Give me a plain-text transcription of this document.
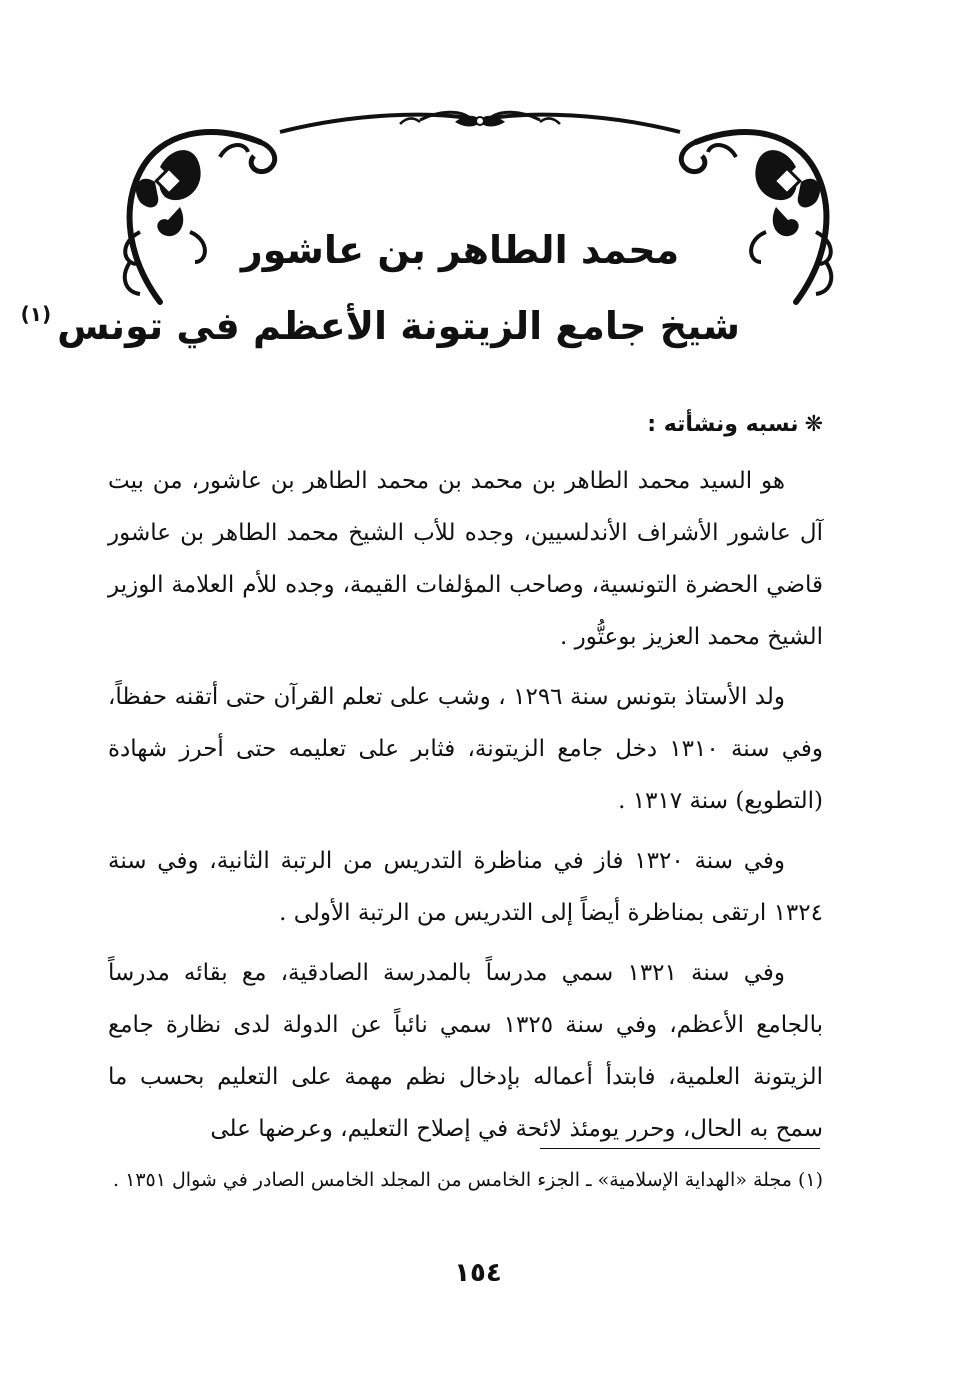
محمد الطاهر بن عاشور
شيخ جامع الزيتونة الأعظم في تونس$^{(١)}$
❋نسبه ونشأته :

هو السيد محمد الطاهر بن محمد بن محمد الطاهر بن عاشور، من بيت آل عاشور الأشراف الأندلسيين، وجده للأب الشيخ محمد الطاهر بن عاشور قاضي الحضرة التونسية، وصاحب المؤلفات القيمة، وجده للأم العلامة الوزير الشيخ محمد العزيز بوعتُّور .

ولد الأستاذ بتونس سنة ١٢٩٦ ، وشب على تعلم القرآن حتى أتقنه حفظاً، وفي سنة ١٣١٠ دخل جامع الزيتونة، فثابر على تعليمه حتى أحرز شهادة (التطويع) سنة ١٣١٧ .

وفي سنة ١٣٢٠ فاز في مناظرة التدريس من الرتبة الثانية، وفي سنة ١٣٢٤ ارتقى بمناظرة أيضاً إلى التدريس من الرتبة الأولى .

وفي سنة ١٣٢١ سمي مدرساً بالمدرسة الصادقية، مع بقائه مدرساً بالجامع الأعظم، وفي سنة ١٣٢٥ سمي نائباً عن الدولة لدى نظارة جامع الزيتونة العلمية، فابتدأ أعماله بإدخال نظم مهمة على التعليم بحسب ما سمح به الحال، وحرر يومئذ لائحة في إصلاح التعليم، وعرضها على

(١) مجلة «الهداية الإسلامية» ـ الجزء الخامس من المجلد الخامس الصادر في شوال ١٣٥١ .
١٥٤
